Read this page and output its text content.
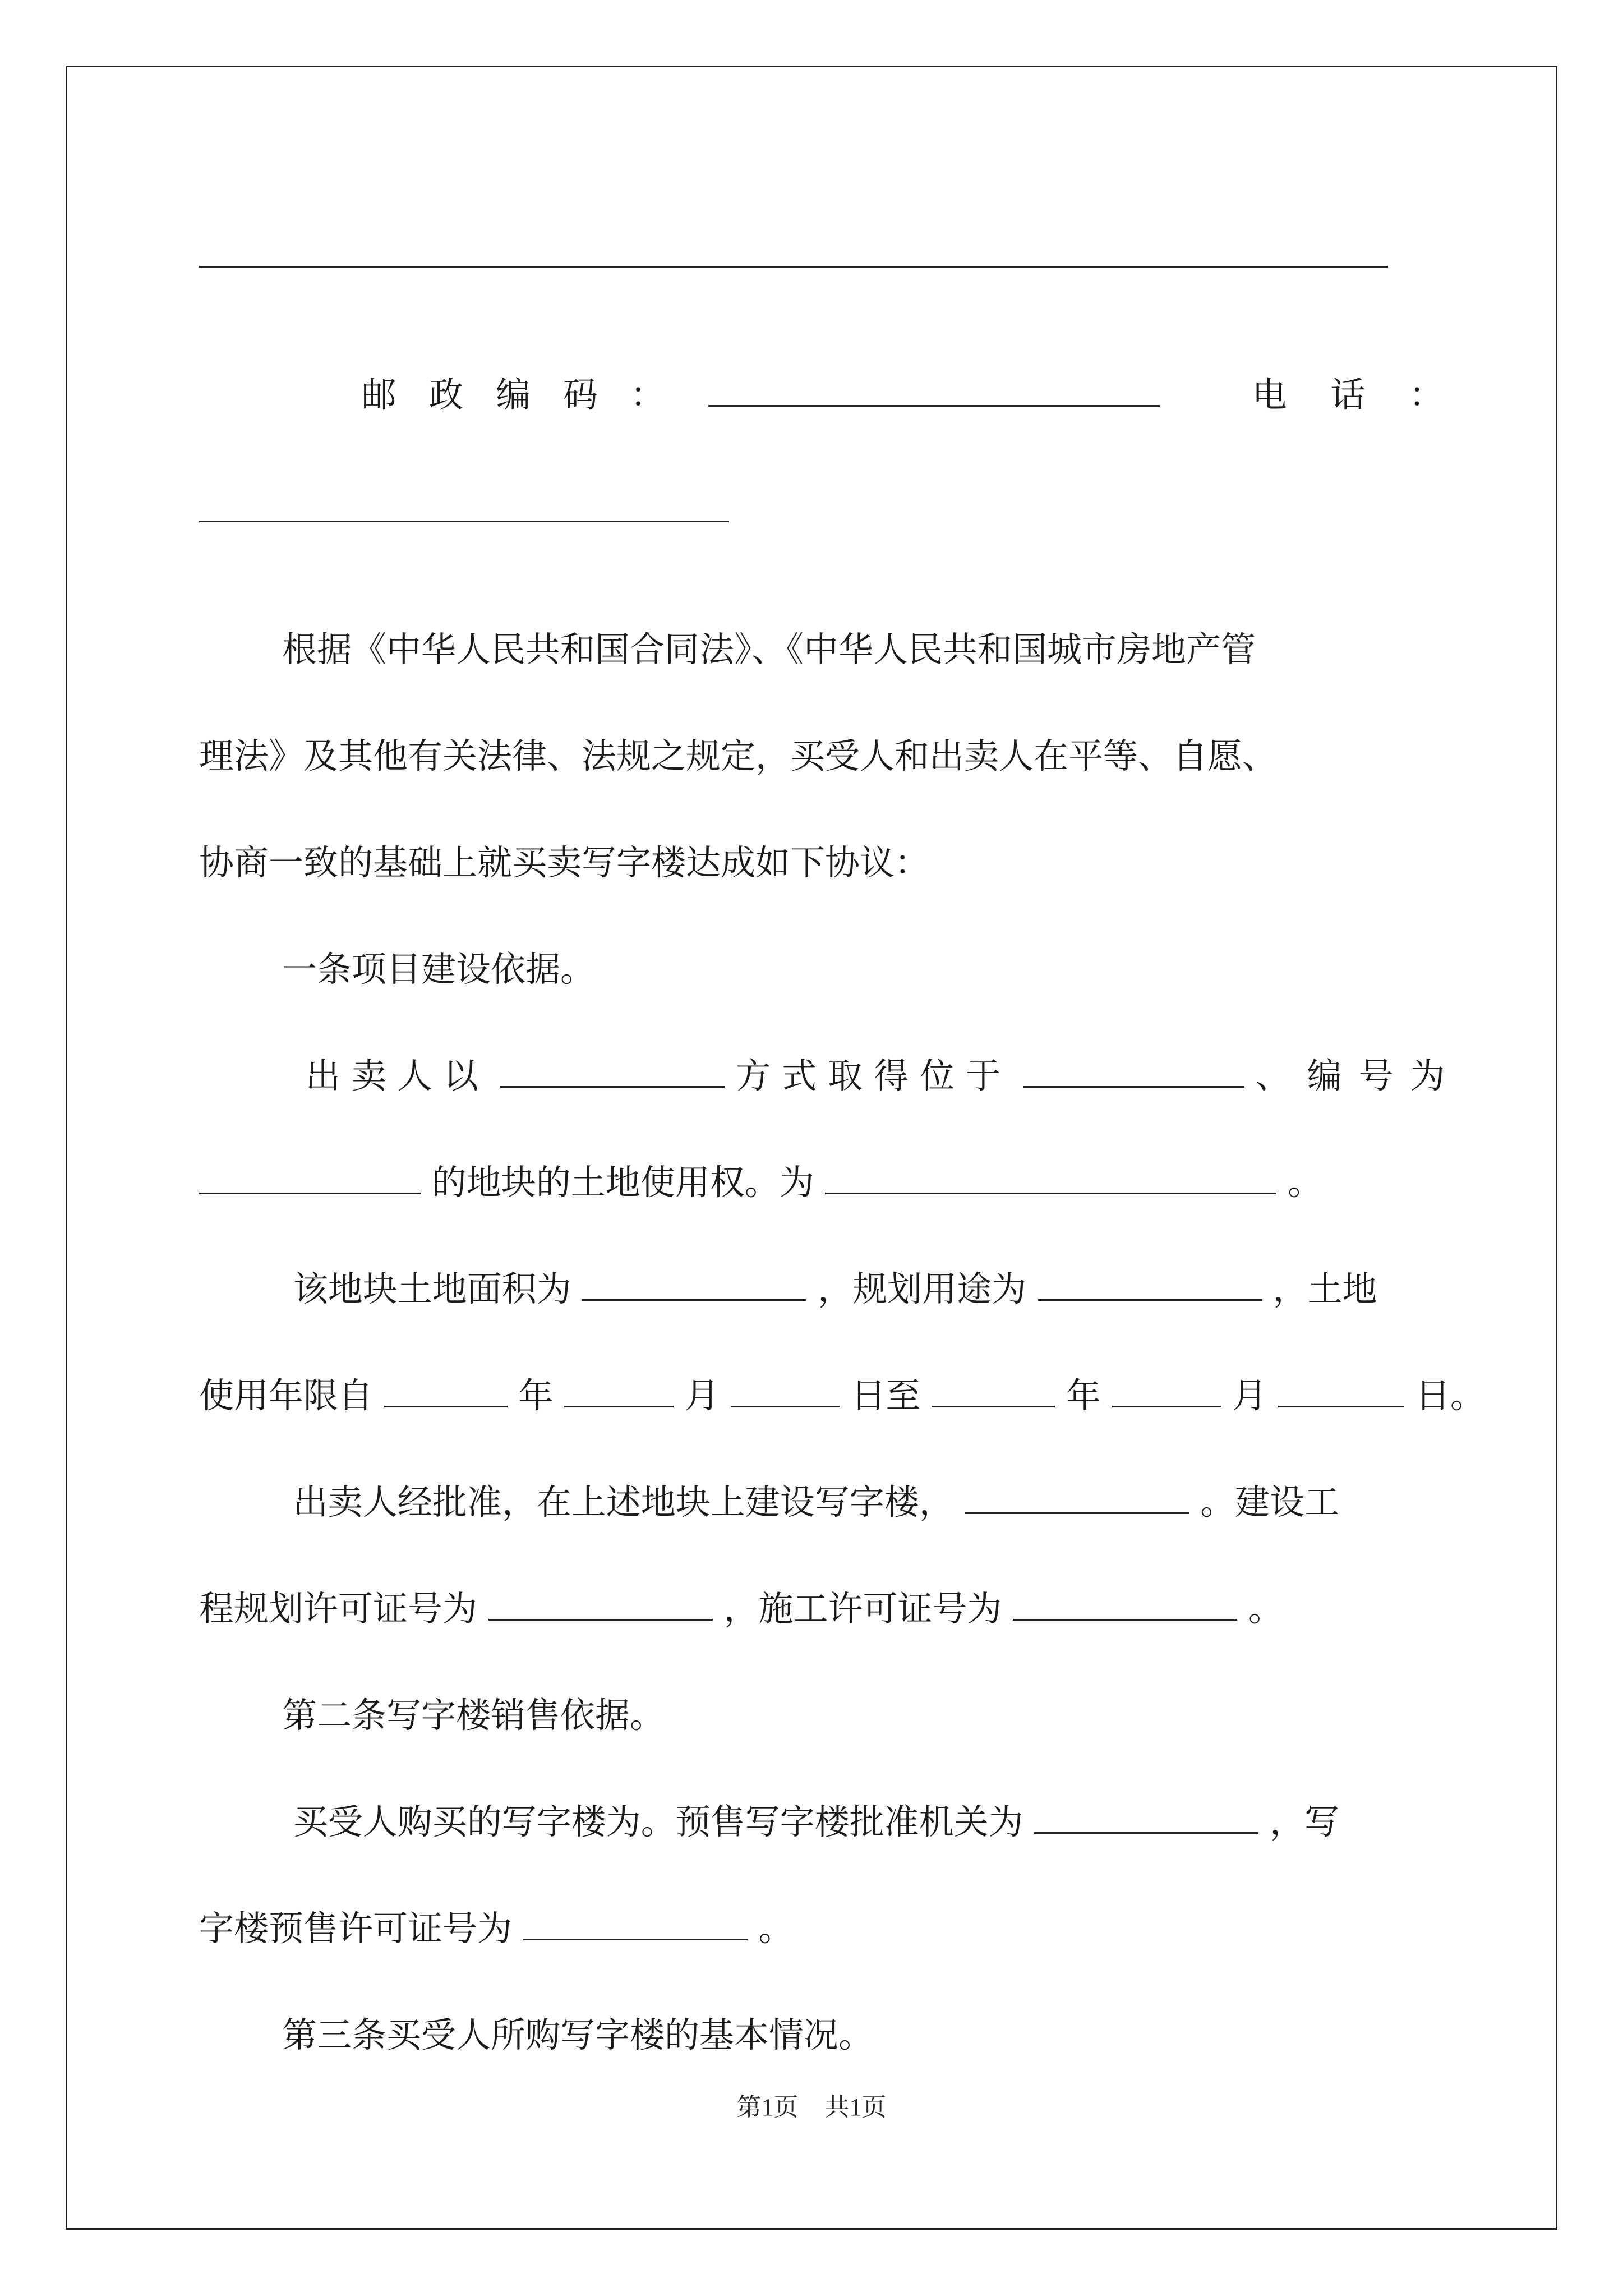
邮 政 编 码 ：	电 话 ：

根据《中华人民共和国合同法》、《中华人民共和国城市房地产管

理法》及其他有关法律、法规之规定，买受人和出卖人在平等、自愿、

协商一致的基础上就买卖写字楼达成如下协议：

一条项目建设依据。

出卖人以	方式取得位于	、编号为
的地块的土地使用权。为	。
该地块土地面积为	，规划用途为	，土地
使用年限自	年	月	日至	年	月	日。
出卖人经批准，在上述地块上建设写字楼，	。建设工
程规划许可证号为	，施工许可证号为	。

第二条写字楼销售依据。

买受人购买的写字楼为。预售写字楼批准机关为	，写
字楼预售许可证号为	。

第三条买受人所购写字楼的基本情况。

第1页 共1页
